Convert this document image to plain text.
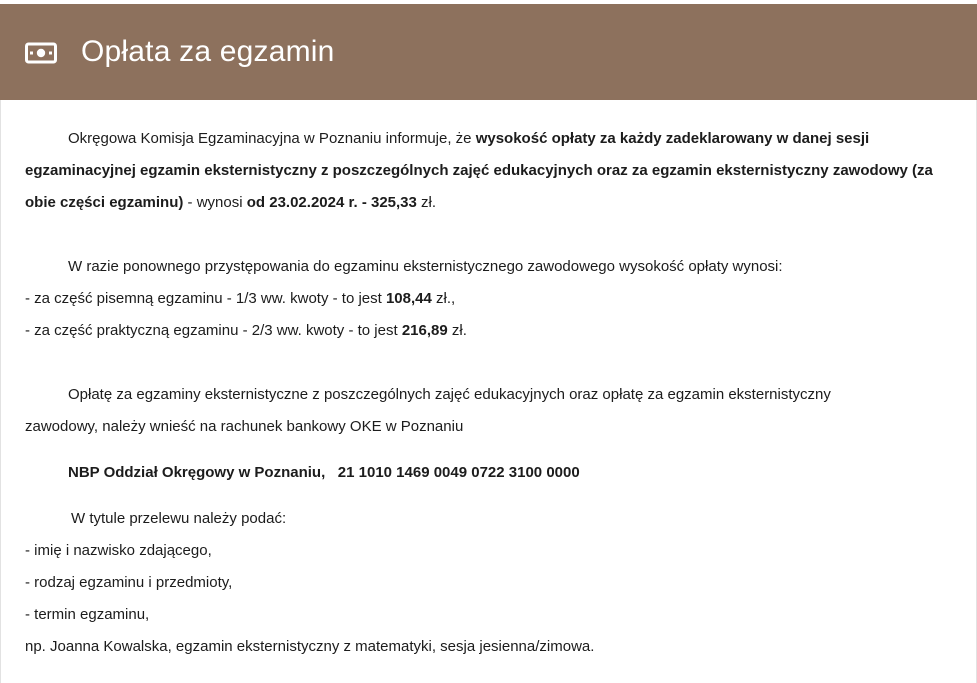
Opłata za egzamin

Okręgowa Komisja Egzaminacyjna w Poznaniu informuje, że wysokość opłaty za każdy zadeklarowany w danej sesji

egzaminacyjnej egzamin eksternistyczny z poszczególnych zajęć edukacyjnych oraz za egzamin eksternistyczny zawodowy (za

obie części egzaminu) - wynosi od 23.02.2024 r. - 325,33 zł.

W razie ponownego przystępowania do egzaminu eksternistycznego zawodowego wysokość opłaty wynosi:

- za część pisemną egzaminu - 1/3 ww. kwoty - to jest 108,44 zł.,

- za część praktyczną egzaminu - 2/3 ww. kwoty - to jest 216,89 zł.

Opłatę za egzaminy eksternistyczne z poszczególnych zajęć edukacyjnych oraz opłatę za egzamin eksternistyczny

zawodowy, należy wnieść na rachunek bankowy OKE w Poznaniu

NBP Oddział Okręgowy w Poznaniu, 21 1010 1469 0049 0722 3100 0000

W tytule przelewu należy podać:

- imię i nazwisko zdającego,

- rodzaj egzaminu i przedmioty,

- termin egzaminu,

np. Joanna Kowalska, egzamin eksternistyczny z matematyki, sesja jesienna/zimowa.
